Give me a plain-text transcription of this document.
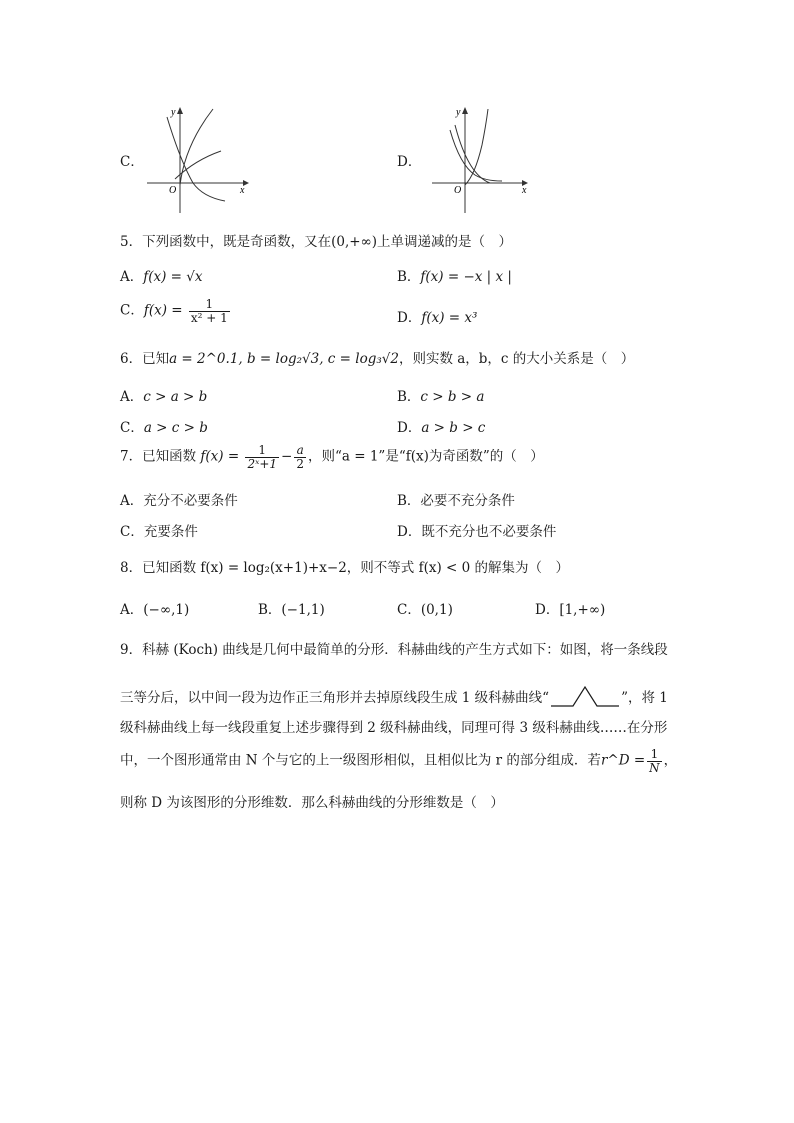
C．
y
x
O
D．
y
x
O
5．下列函数中，既是奇函数，又在(0,+∞)上单调递减的是（　）
A．f(x) = √x	B．f(x) = −x | x |
C．$f(x) = \frac{1}{\text{x² + 1}}$	D．f(x) = x³
6．已知a = 2^0.1, b = log₂√3, c = log₃√2，则实数 a，b，c 的大小关系是（　）
A．c > a > b	B．c > b > a
C．a > c > b	D．a > b > c
7．已知函数 $f(x) = \frac{1}{\text{2ˣ+1}} - \frac{a}{2}$ ，则“a = 1”是“f(x)为奇函数”的（　）
A．充分不必要条件	B．必要不充分条件
C．充要条件	D．既不充分也不必要条件
8．已知函数 f(x) = log₂(x+1)+x−2，则不等式 f(x) < 0 的解集为（　）
A．(−∞,1)	B．(−1,1)	C．(0,1)	D．[1,+∞)
9．科赫 (Koch) 曲线是几何中最简单的分形．科赫曲线的产生方式如下：如图，将一条线段
三等分后，以中间一段为边作正三角形并去掉原线段生成 1 级科赫曲线“	”，将 1
级科赫曲线上每一线段重复上述步骤得到 2 级科赫曲线，同理可得 3 级科赫曲线……在分形
中，一个图形通常由 N 个与它的上一级图形相似，且相似比为 r 的部分组成．若r^D = $\frac{1}{N}$ ，
则称 D 为该图形的分形维数．那么科赫曲线的分形维数是（　）
